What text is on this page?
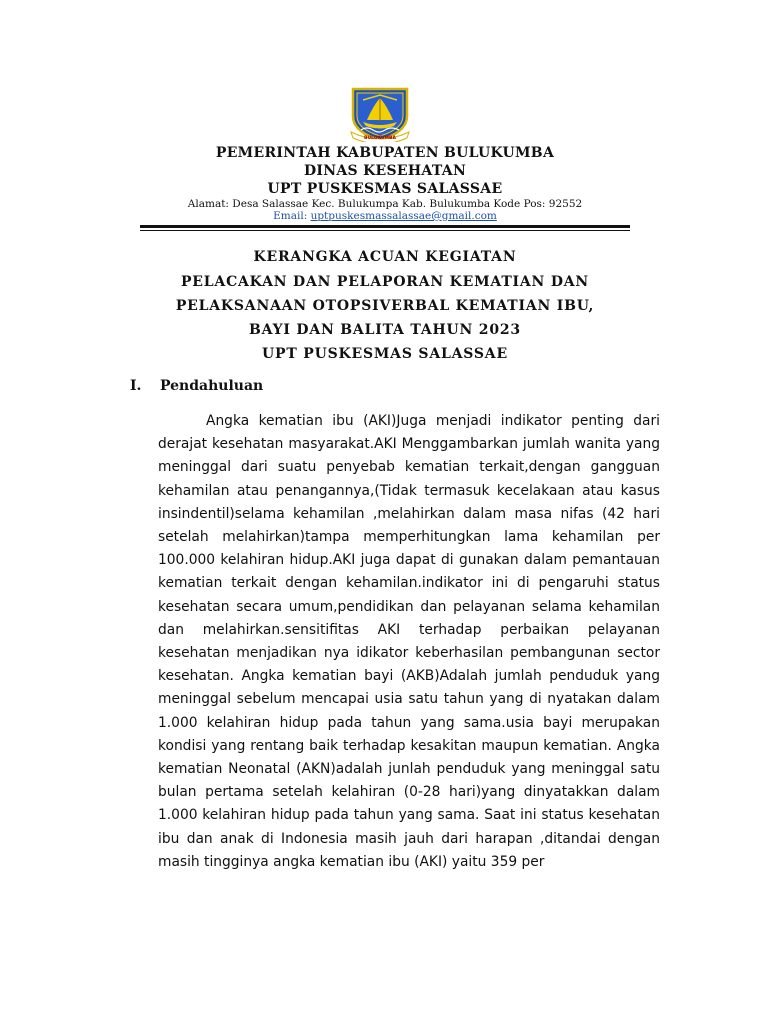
BULUKUMBA
PEMERINTAH KABUPATEN BULUKUMBA
DINAS KESEHATAN
UPT PUSKESMAS SALASSAE
Alamat: Desa Salassae Kec. Bulukumpa Kab. Bulukumba Kode Pos: 92552
Email: uptpuskesmassalassae@gmail.com
KERANGKA ACUAN KEGIATAN
PELACAKAN DAN PELAPORAN KEMATIAN DAN
PELAKSANAAN OTOPSIVERBAL KEMATIAN IBU,
BAYI DAN BALITA TAHUN 2023
UPT PUSKESMAS SALASSAE
I. Pendahuluan

Angka kematian ibu (AKI)Juga menjadi indikator penting dari derajat kesehatan masyarakat.AKI Menggambarkan jumlah wanita yang meninggal dari suatu penyebab kematian terkait,dengan gangguan kehamilan atau penangannya,(Tidak termasuk kecelakaan atau kasus insindentil)selama kehamilan ,melahirkan dalam masa nifas (42 hari setelah melahirkan)tampa memperhitungkan lama kehamilan per 100.000 kelahiran hidup.AKI juga dapat di gunakan dalam pemantauan kematian terkait dengan kehamilan.indikator ini di pengaruhi status kesehatan secara umum,pendidikan dan pelayanan selama kehamilan dan melahirkan.sensitifitas AKI terhadap perbaikan pelayanan kesehatan menjadikan nya idikator keberhasilan pembangunan sector kesehatan. Angka kematian bayi (AKB)Adalah jumlah penduduk yang meninggal sebelum mencapai usia satu tahun yang di nyatakan dalam 1.000 kelahiran hidup pada tahun yang sama.usia bayi merupakan kondisi yang rentang baik terhadap kesakitan maupun kematian. Angka kematian Neonatal (AKN)adalah junlah penduduk yang meninggal satu bulan pertama setelah kelahiran (0-28 hari)yang dinyatakkan dalam 1.000 kelahiran hidup pada tahun yang sama. Saat ini status kesehatan ibu dan anak di Indonesia masih jauh dari harapan ,ditandai dengan masih tingginya angka kematian ibu (AKI) yaitu 359 per
